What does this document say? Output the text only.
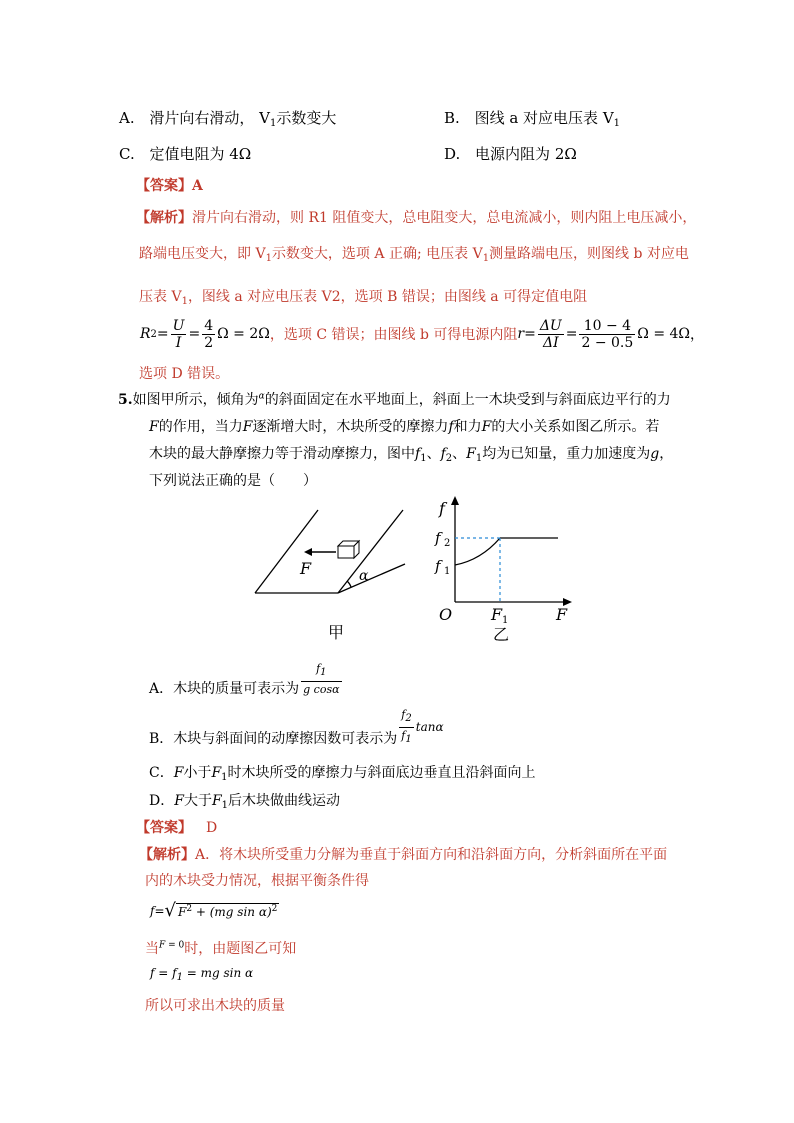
A. 滑片向右滑动， $V_1$示数变大	B. 图线 a 对应电压表 $V_1$
C. 定值电阻为 4Ω	D. 电源内阻为 2Ω
【答案】A
【解析】滑片向右滑动，则 R1 阻值变大，总电阻变大，总电流减小，则内阻上电压减小，
路端电压变大，即 $V_1$示数变大，选项 A 正确; 电压表 $V_1$测量路端电压，则图线 b 对应电
压表 $V_1$，图线 a 对应电压表 V2，选项 B 错误；由图线 a 可得定值电阻
R $2 = \frac{U}{I} = \frac{4}{2}$ Ω = 2Ω ，选项 C 错误；由图线 b 可得电源内阻 $r = \frac{\Delta U}{\Delta I} = \frac{10 - 4}{2 - 0.5}$ Ω = 4Ω ，
选项 D 错误。
5.如图甲所示，倾角为$^\alpha$的斜面固定在水平地面上，斜面上一木块受到与斜面底边平行的力
F的作用，当力F逐渐增大时，木块所受的摩擦力f和力F的大小关系如图乙所示。若
木块的最大静摩擦力等于滑动摩擦力，图中$f_1$、$f_2$、$F_1$均为已知量，重力加速度为g，
下列说法正确的是（　　）
F	α
甲
f
f 2
f 1
O F 1	F
乙
A．木块的质量可表示为 $\frac{f_1}{\text{g cosα}}$
B．木块与斜面间的动摩擦因数可表示为 $\frac{f_2}{f_1}$ tanα
C．F小于$F_1$时木块所受的摩擦力与斜面底边垂直且沿斜面向上
D．F大于$F_1$后木块做曲线运动
【答案】 D
【解析】A．将木块所受重力分解为垂直于斜面方向和沿斜面方向，分析斜面所在平面
内的木块受力情况，根据平衡条件得
f = √ $F^2 + (mg$ sin α)$^2$
当$^F$ $^{= 0}$时，由题图乙可知
$f = f_1$ = mg sin α
所以可求出木块的质量
